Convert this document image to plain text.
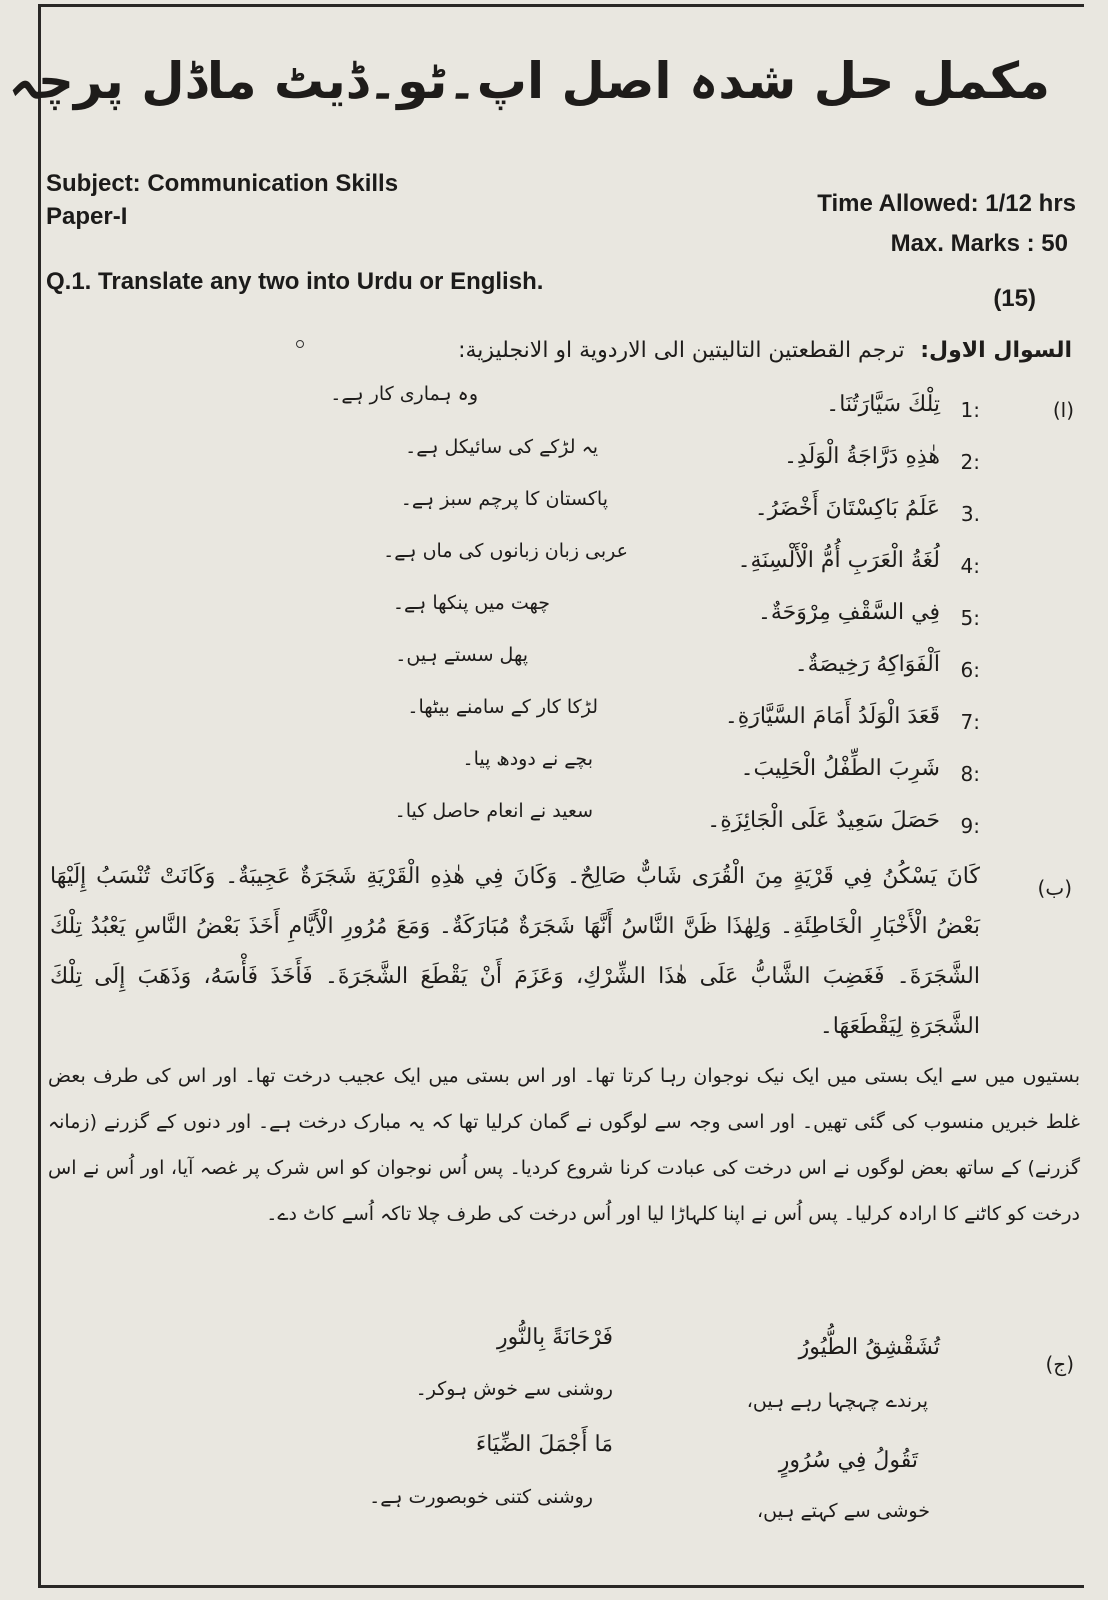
مکمل حل شدہ اصل اپ۔ٹو۔ڈیٹ ماڈل پرچہ
Subject: Communication Skills
Paper-I	Time Allowed: 1/12 hrs
Max. Marks : 50
Q.1. Translate any two into Urdu or English.
(15)
السوال الاول: ترجم القطعتين التاليتين الى الاردوية او الانجليزية:
(ا)
1:
تِلْكَ سَيَّارَتُنَا۔
وہ ہماری کار ہے۔
2:
هٰذِهِ دَرَّاجَةُ الْوَلَدِ۔
یہ لڑکے کی سائیکل ہے۔
3.
عَلَمُ بَاكِسْتَانَ أَخْضَرُ۔
پاکستان کا پرچم سبز ہے۔
4:
لُغَةُ الْعَرَبِ أُمُّ الْأَلْسِنَةِ۔
عربی زبان زبانوں کی ماں ہے۔
5:
فِي السَّقْفِ مِرْوَحَةٌ۔
چھت میں پنکھا ہے۔
6:
اَلْفَوَاكِهُ رَخِيصَةٌ۔
پھل سستے ہیں۔
7:
قَعَدَ الْوَلَدُ أَمَامَ السَّيَّارَةِ۔
لڑکا کار کے سامنے بیٹھا۔
8:
شَرِبَ الطِّفْلُ الْحَلِيبَ۔
بچے نے دودھ پیا۔
9:
حَصَلَ سَعِيدٌ عَلَى الْجَائِزَةِ۔
سعید نے انعام حاصل کیا۔
(ب)

كَانَ يَسْكُنُ فِي قَرْيَةٍ مِنَ الْقُرَى شَابٌّ صَالِحٌ۔ وَكَانَ فِي هٰذِهِ الْقَرْيَةِ شَجَرَةٌ عَجِيبَةٌ۔ وَكَانَتْ تُنْسَبُ إِلَيْهَا بَعْضُ الْأَخْبَارِ الْخَاطِئَةِ۔ وَلِهٰذَا ظَنَّ النَّاسُ أَنَّهَا شَجَرَةٌ مُبَارَكَةٌ۔ وَمَعَ مُرُورِ الْأَيَّامِ أَخَذَ بَعْضُ النَّاسِ يَعْبُدُ تِلْكَ الشَّجَرَةَ۔ فَغَضِبَ الشَّابُّ عَلَى هٰذَا الشِّرْكِ، وَعَزَمَ أَنْ يَقْطَعَ الشَّجَرَةَ۔ فَأَخَذَ فَأْسَهُ، وَذَهَبَ إِلَى تِلْكَ الشَّجَرَةِ لِيَقْطَعَهَا۔

بستیوں میں سے ایک بستی میں ایک نیک نوجوان رہا کرتا تھا۔ اور اس بستی میں ایک عجیب درخت تھا۔ اور اس کی طرف بعض غلط خبریں منسوب کی گئی تھیں۔ اور اسی وجہ سے لوگوں نے گمان کرلیا تھا کہ یہ مبارک درخت ہے۔ اور دنوں کے گزرنے (زمانہ گزرنے) کے ساتھ بعض لوگوں نے اس درخت کی عبادت کرنا شروع کردیا۔ پس اُس نوجوان کو اس شرک پر غصہ آیا، اور اُس نے اس درخت کو کاٹنے کا ارادہ کرلیا۔ پس اُس نے اپنا کلہاڑا لیا اور اُس درخت کی طرف چلا تاکہ اُسے کاٹ دے۔

(ج)
تُشَقْشِقُ الطُّيُورُ
پرندے چہچہا رہے ہیں،
تَقُولُ فِي سُرُورٍ
خوشی سے کہتے ہیں،
فَرْحَانَةً بِالنُّورِ
روشنی سے خوش ہوکر۔
مَا أَجْمَلَ الضِّيَاءَ
روشنی کتنی خوبصورت ہے۔
